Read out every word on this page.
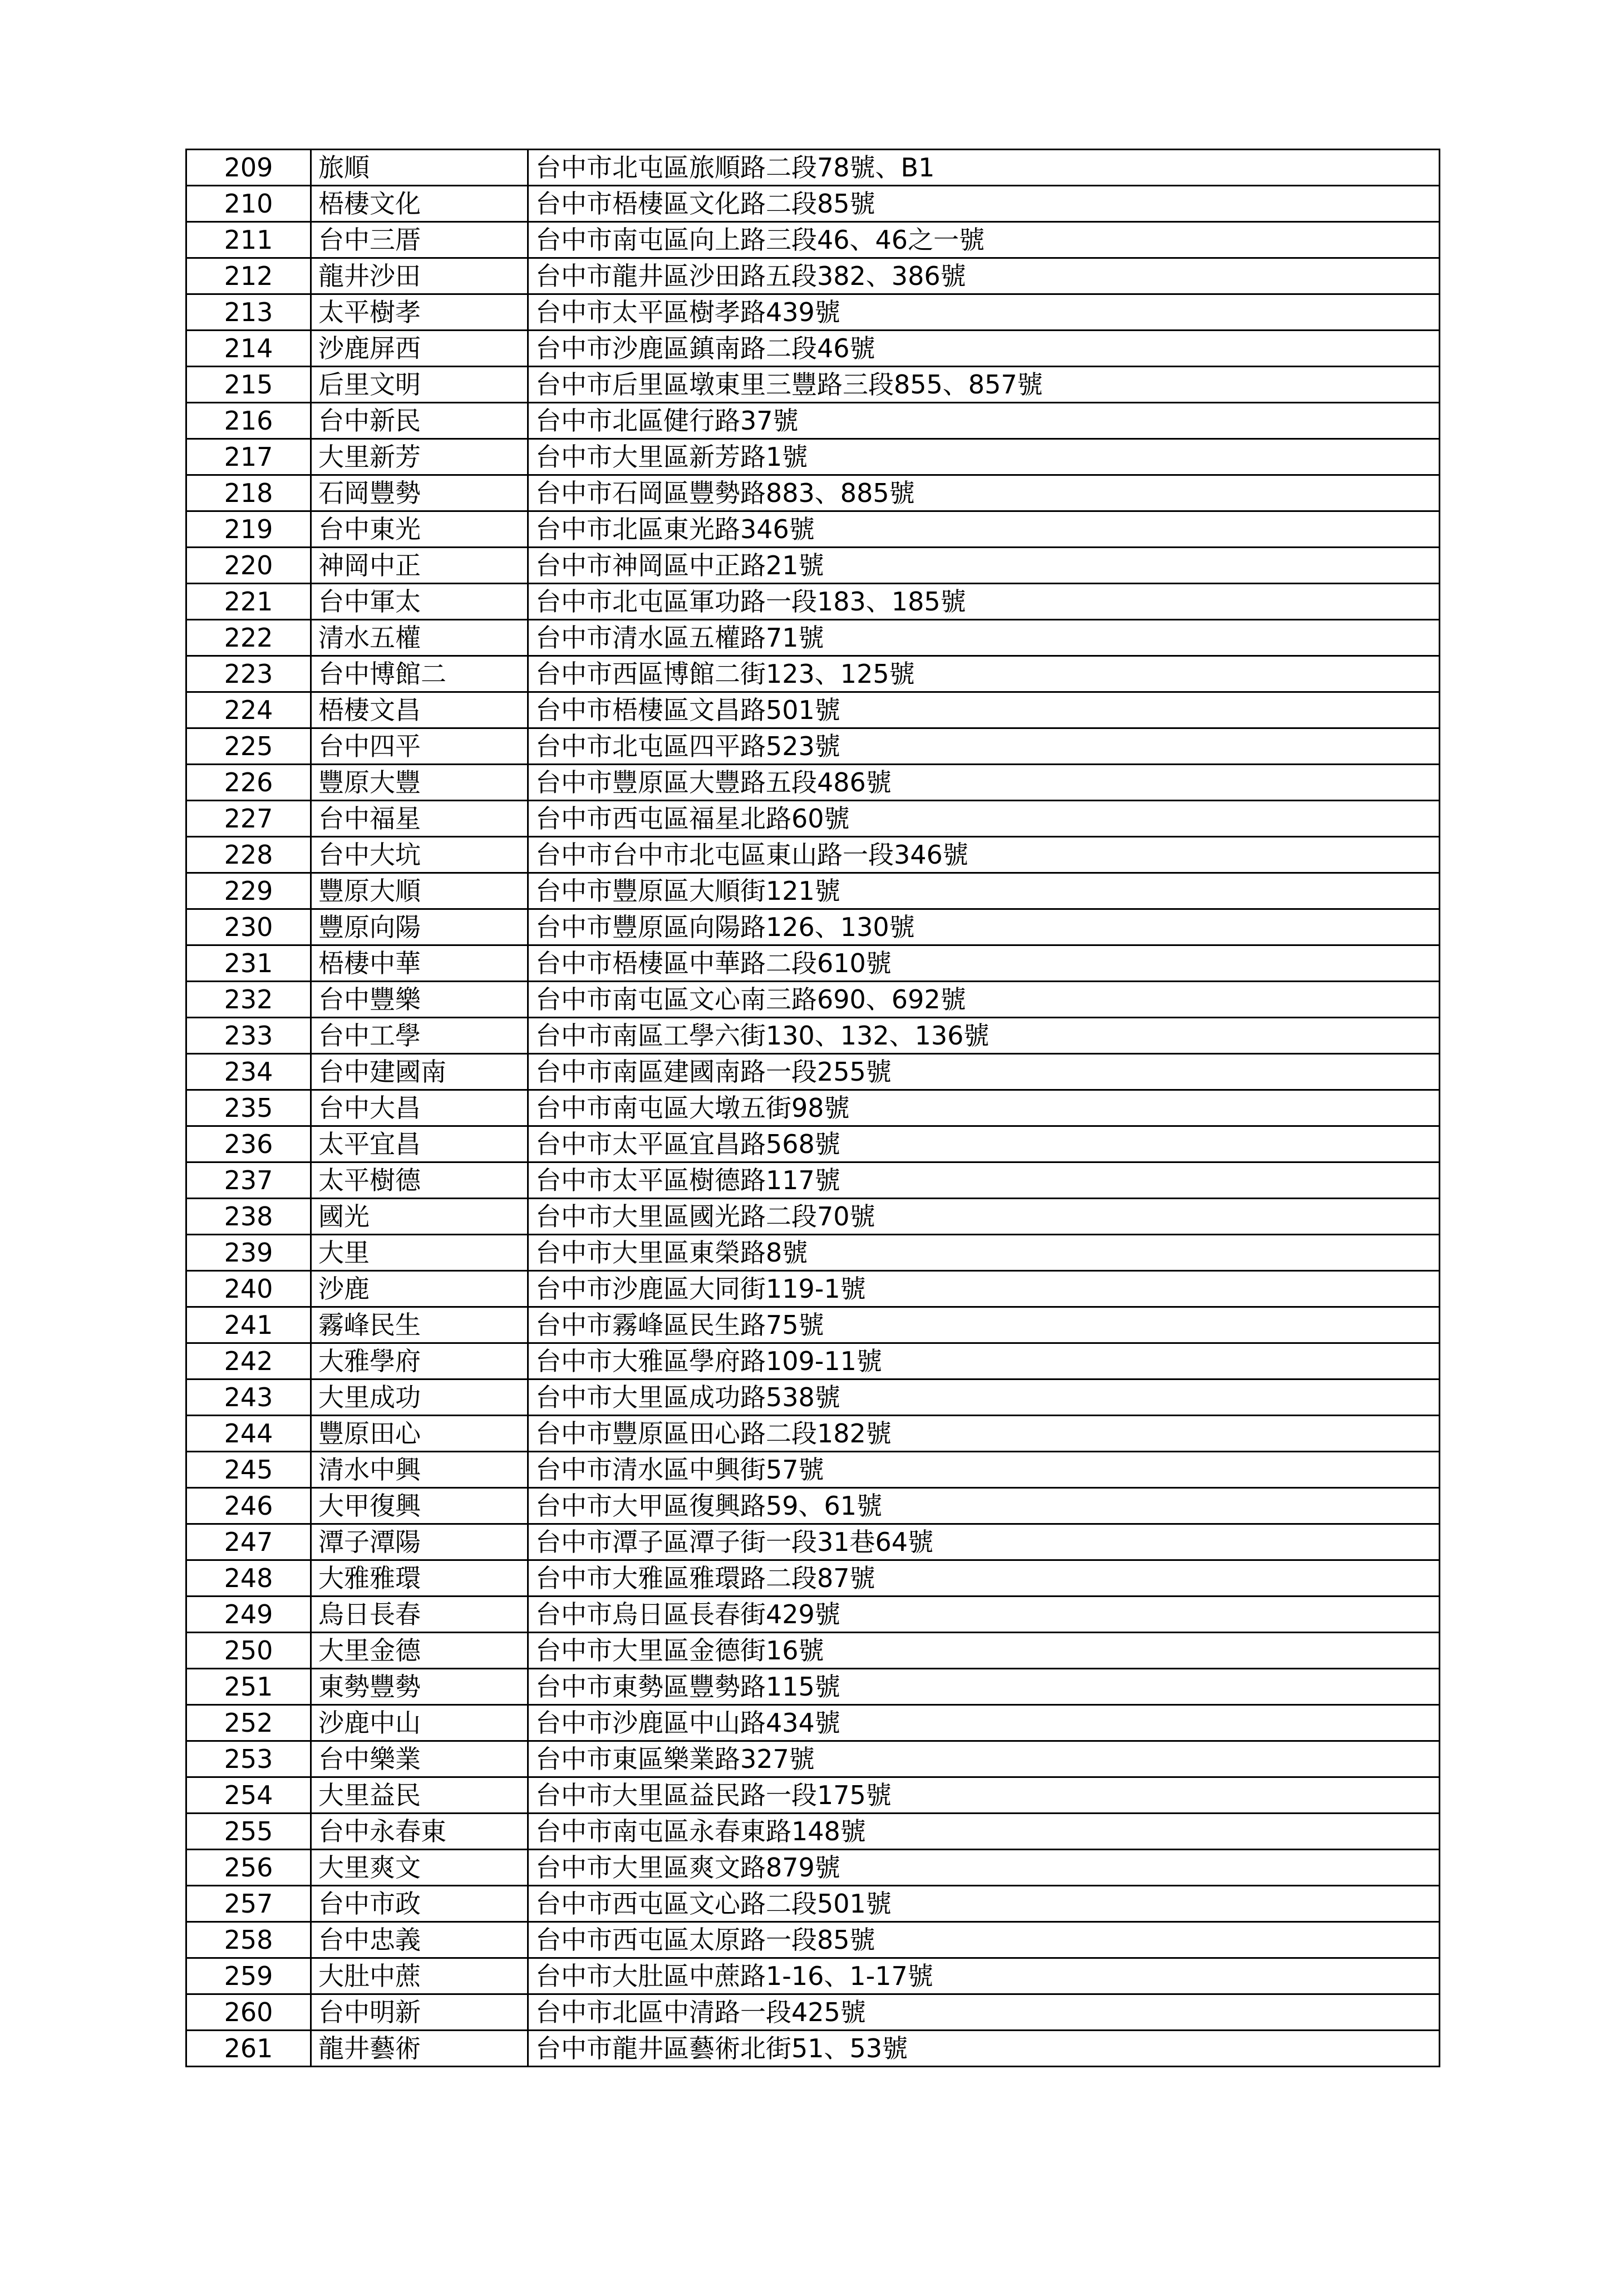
209	旅順	台中市北屯區旅順路二段78號、B1
210	梧棲文化	台中市梧棲區文化路二段85號
211	台中三厝	台中市南屯區向上路三段46、46之一號
212	龍井沙田	台中市龍井區沙田路五段382、386號
213	太平樹孝	台中市太平區樹孝路439號
214	沙鹿屏西	台中市沙鹿區鎮南路二段46號
215	后里文明	台中市后里區墩東里三豐路三段855、857號
216	台中新民	台中市北區健行路37號
217	大里新芳	台中市大里區新芳路1號
218	石岡豐勢	台中市石岡區豐勢路883、885號
219	台中東光	台中市北區東光路346號
220	神岡中正	台中市神岡區中正路21號
221	台中軍太	台中市北屯區軍功路一段183、185號
222	清水五權	台中市清水區五權路71號
223	台中博館二	台中市西區博館二街123、125號
224	梧棲文昌	台中市梧棲區文昌路501號
225	台中四平	台中市北屯區四平路523號
226	豐原大豐	台中市豐原區大豐路五段486號
227	台中福星	台中市西屯區福星北路60號
228	台中大坑	台中市台中市北屯區東山路一段346號
229	豐原大順	台中市豐原區大順街121號
230	豐原向陽	台中市豐原區向陽路126、130號
231	梧棲中華	台中市梧棲區中華路二段610號
232	台中豐樂	台中市南屯區文心南三路690、692號
233	台中工學	台中市南區工學六街130、132、136號
234	台中建國南	台中市南區建國南路一段255號
235	台中大昌	台中市南屯區大墩五街98號
236	太平宜昌	台中市太平區宜昌路568號
237	太平樹德	台中市太平區樹德路117號
238	國光	台中市大里區國光路二段70號
239	大里	台中市大里區東榮路8號
240	沙鹿	台中市沙鹿區大同街119-1號
241	霧峰民生	台中市霧峰區民生路75號
242	大雅學府	台中市大雅區學府路109-11號
243	大里成功	台中市大里區成功路538號
244	豐原田心	台中市豐原區田心路二段182號
245	清水中興	台中市清水區中興街57號
246	大甲復興	台中市大甲區復興路59、61號
247	潭子潭陽	台中市潭子區潭子街一段31巷64號
248	大雅雅環	台中市大雅區雅環路二段87號
249	烏日長春	台中市烏日區長春街429號
250	大里金德	台中市大里區金德街16號
251	東勢豐勢	台中市東勢區豐勢路115號
252	沙鹿中山	台中市沙鹿區中山路434號
253	台中樂業	台中市東區樂業路327號
254	大里益民	台中市大里區益民路一段175號
255	台中永春東	台中市南屯區永春東路148號
256	大里爽文	台中市大里區爽文路879號
257	台中市政	台中市西屯區文心路二段501號
258	台中忠義	台中市西屯區太原路一段85號
259	大肚中蔗	台中市大肚區中蔗路1-16、1-17號
260	台中明新	台中市北區中清路一段425號
261	龍井藝術	台中市龍井區藝術北街51、53號
